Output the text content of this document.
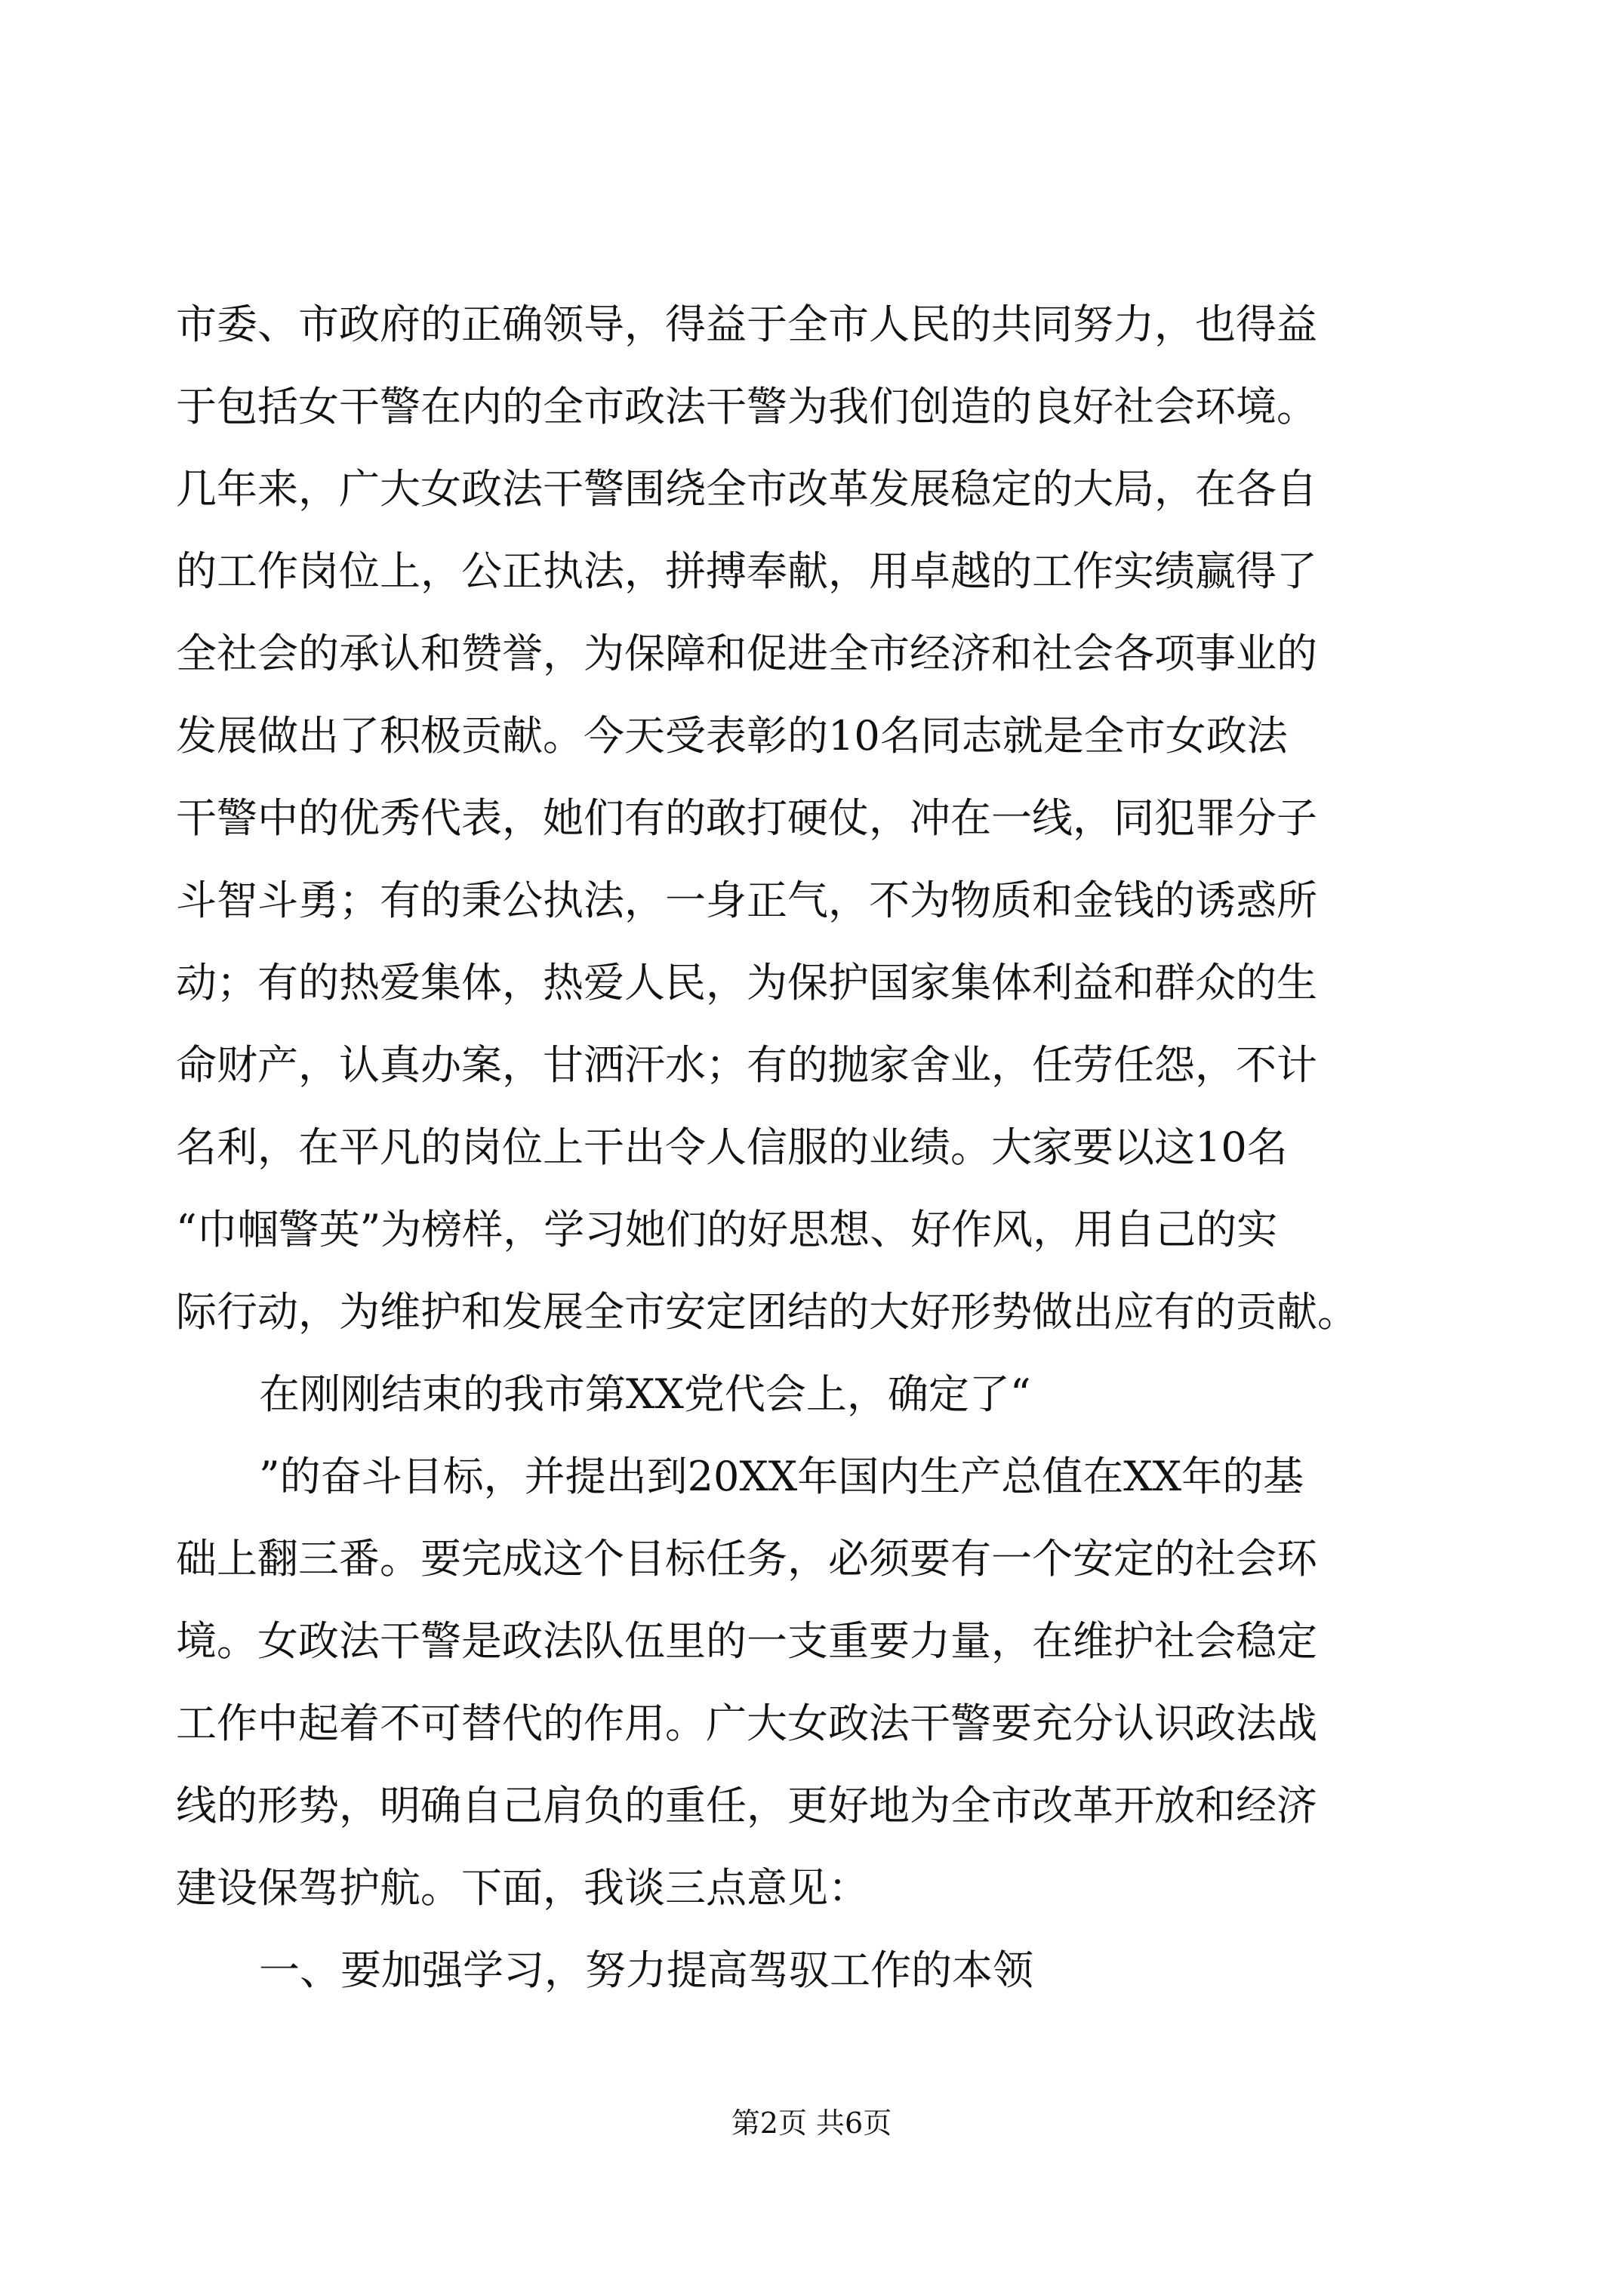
市委、市政府的正确领导，得益于全市人民的共同努力，也得益
于包括女干警在内的全市政法干警为我们创造的良好社会环境。
几年来，广大女政法干警围绕全市改革发展稳定的大局，在各自
的工作岗位上，公正执法，拼搏奉献，用卓越的工作实绩赢得了
全社会的承认和赞誉，为保障和促进全市经济和社会各项事业的
发展做出了积极贡献。今天受表彰的10名同志就是全市女政法
干警中的优秀代表，她们有的敢打硬仗，冲在一线，同犯罪分子
斗智斗勇；有的秉公执法，一身正气，不为物质和金钱的诱惑所
动；有的热爱集体，热爱人民，为保护国家集体利益和群众的生
命财产，认真办案，甘洒汗水；有的抛家舍业，任劳任怨，不计
名利，在平凡的岗位上干出令人信服的业绩。大家要以这10名
“巾帼警英”为榜样，学习她们的好思想、好作风，用自己的实
际行动，为维护和发展全市安定团结的大好形势做出应有的贡献。
在刚刚结束的我市第XX党代会上，确定了“
”的奋斗目标，并提出到20XX年国内生产总值在XX年的基
础上翻三番。要完成这个目标任务，必须要有一个安定的社会环
境。女政法干警是政法队伍里的一支重要力量，在维护社会稳定
工作中起着不可替代的作用。广大女政法干警要充分认识政法战
线的形势，明确自己肩负的重任，更好地为全市改革开放和经济
建设保驾护航。下面，我谈三点意见：
一、要加强学习，努力提高驾驭工作的本领
第2页 共6页
